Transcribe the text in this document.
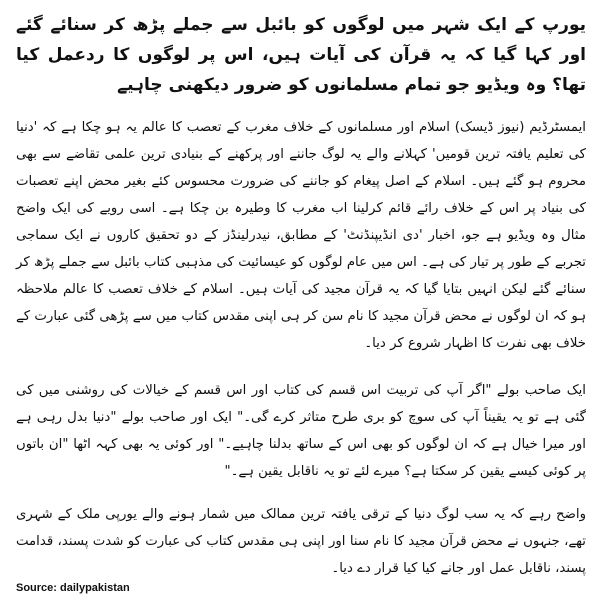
یورپ کے ایک شہر میں لوگوں کو بائبل سے جملے پڑھ کر سنائے گئے اور کہا گیا کہ یہ قرآن کی آیات ہیں، اس پر لوگوں کا ردعمل کیا تھا؟ وہ ویڈیو جو تمام مسلمانوں کو ضرور دیکھنی چاہیے

ایمسٹرڈیم (نیوز ڈیسک) اسلام اور مسلمانوں کے خلاف مغرب کے تعصب کا عالم یہ ہو چکا ہے کہ 'دنیا کی تعلیم یافتہ ترین قومیں' کہلانے والے یہ لوگ جاننے اور پرکھنے کے بنیادی ترین علمی تقاضے سے بھی محروم ہو گئے ہیں۔ اسلام کے اصل پیغام کو جاننے کی ضرورت محسوس کئے بغیر محض اپنے تعصبات کی بنیاد پر اس کے خلاف رائے قائم کرلینا اب مغرب کا وطیرہ بن چکا ہے۔ اسی رویے کی ایک واضح مثال وہ ویڈیو ہے جو، اخبار 'دی انڈیپنڈنٹ' کے مطابق، نیدرلینڈز کے دو تحقیق کاروں نے ایک سماجی تجربے کے طور پر تیار کی ہے۔ اس میں عام لوگوں کو عیسائیت کی مذہبی کتاب بائبل سے جملے پڑھ کر سنائے گئے لیکن انہیں بتایا گیا کہ یہ قرآن مجید کی آیات ہیں۔ اسلام کے خلاف تعصب کا عالم ملاحظہ ہو کہ ان لوگوں نے محض قرآن مجید کا نام سن کر ہی اپنی مقدس کتاب میں سے پڑھی گئی عبارت کے خلاف بھی نفرت کا اظہار شروع کر دیا۔

ایک صاحب بولے "اگر آپ کی تربیت اس قسم کی کتاب اور اس قسم کے خیالات کی روشنی میں کی گئی ہے تو یہ یقیناً آپ کی سوچ کو بری طرح متاثر کرے گی۔" ایک اور صاحب بولے "دنیا بدل رہی ہے اور میرا خیال ہے کہ ان لوگوں کو بھی اس کے ساتھ بدلنا چاہیے۔" اور کوئی یہ بھی کہہ اٹھا "ان باتوں پر کوئی کیسے یقین کر سکتا ہے؟ میرے لئے تو یہ ناقابل یقین ہے۔"

واضح رہے کہ یہ سب لوگ دنیا کے ترقی یافتہ ترین ممالک میں شمار ہونے والے یورپی ملک کے شہری تھے، جنہوں نے محض قرآن مجید کا نام سنا اور اپنی ہی مقدس کتاب کی عبارت کو شدت پسند، قدامت پسند، ناقابل عمل اور جانے کیا کیا قرار دے دیا۔

Source: dailypakistan
